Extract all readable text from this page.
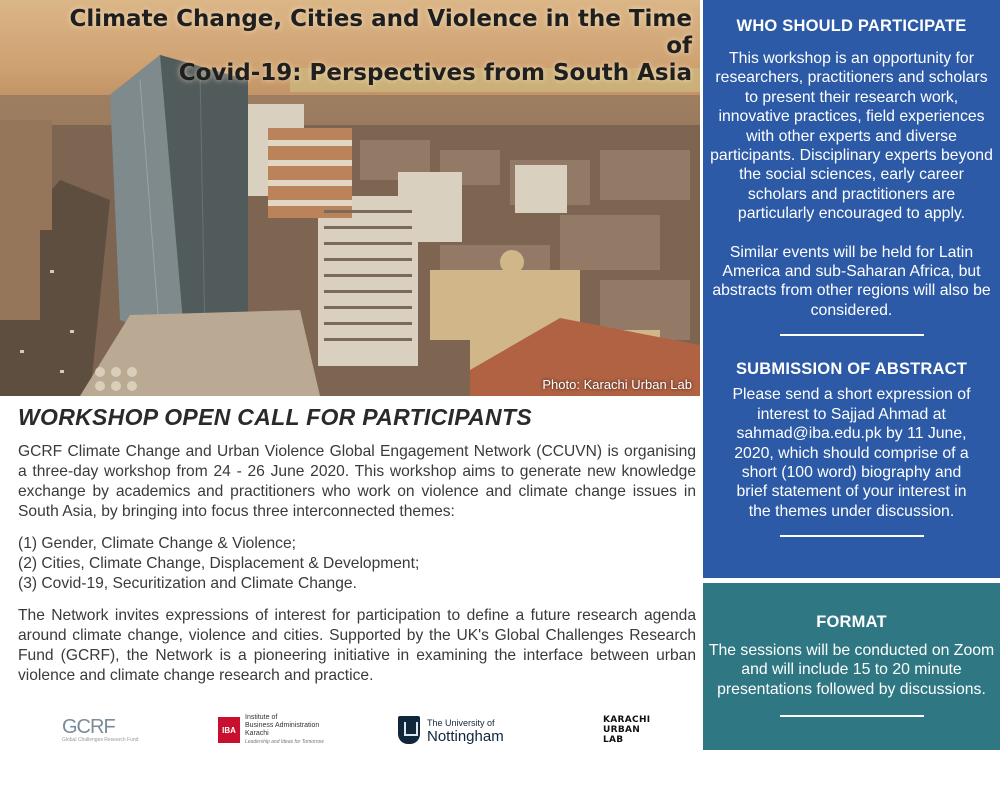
Climate Change, Cities and Violence in the Time of
Covid-19: Perspectives from South Asia
Photo: Karachi Urban Lab
WORKSHOP OPEN CALL FOR PARTICIPANTS

GCRF Climate Change and Urban Violence Global Engagement Network (CCUVN) is organising a three-day workshop from 24 - 26 June 2020. This workshop aims to generate new knowledge exchange by academics and practitioners who work on violence and climate change issues in South Asia, by bringing into focus three interconnected themes:

(1) Gender, Climate Change & Violence;
(2) Cities, Climate Change, Displacement & Development;
(3) Covid-19, Securitization and Climate Change.

The Network invites expressions of interest for participation to define a future research agenda around climate change, violence and cities. Supported by the UK's Global Challenges Research Fund (GCRF), the Network is a pioneering initiative in examining the interface between urban violence and climate change research and practice.

GCRF
Global Challenges Research Fund
IBA
Institute of
Business Administration
Karachi
Leadership and Ideas for Tomorrow
The University of
Nottingham
KARACHI
URBAN
LAB
WHO SHOULD PARTICIPATE

This workshop is an opportunity for researchers, practitioners and scholars to present their research work, innovative practices, field experiences with other experts and diverse participants. Disciplinary experts beyond the social sciences, early career scholars and practitioners are particularly encouraged to apply.

Similar events will be held for Latin America and sub-Saharan Africa, but abstracts from other regions will also be considered.

SUBMISSION OF ABSTRACT

Please send a short expression of interest to Sajjad Ahmad at sahmad@iba.edu.pk by 11 June, 2020, which should comprise of a short (100 word) biography and brief statement of your interest in the themes under discussion.

FORMAT

The sessions will be conducted on Zoom and will include 15 to 20 minute presentations followed by discussions.
